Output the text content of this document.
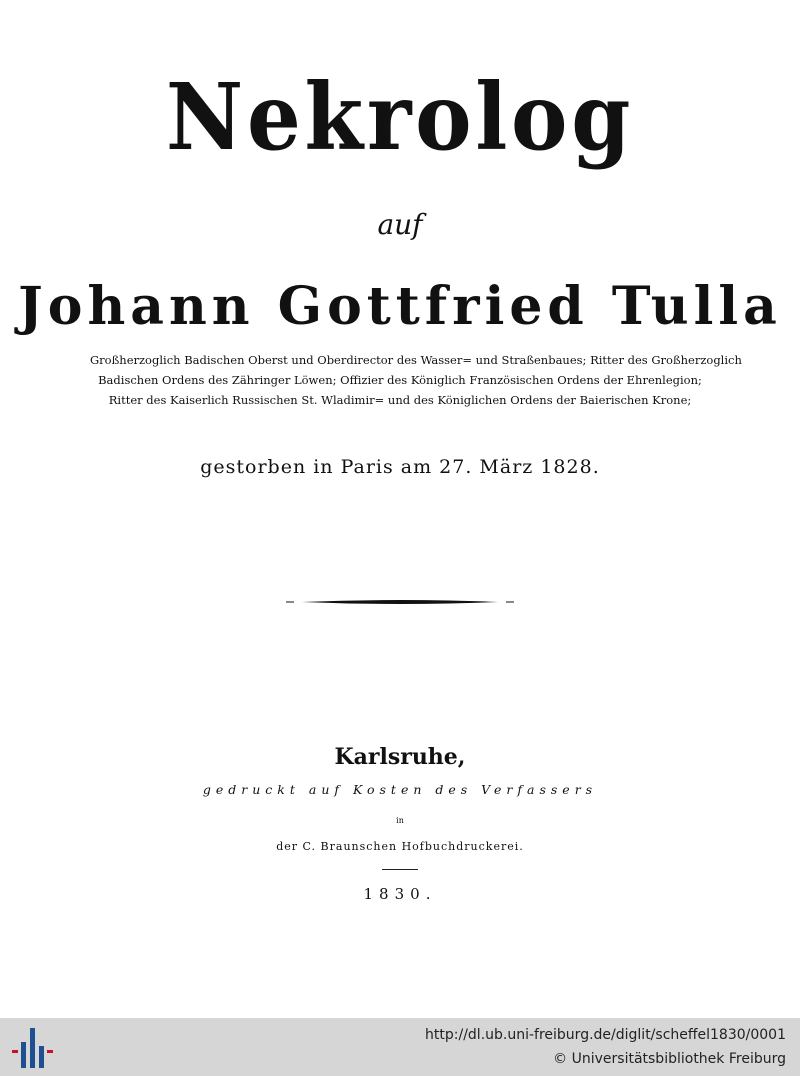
Nekrolog
auf
Johann Gottfried Tulla
Großherzoglich Badischen Oberst und Oberdirector des Wasser= und Straßenbaues; Ritter des Großherzoglich
Badischen Ordens des Zähringer Löwen; Offizier des Königlich Französischen Ordens der Ehrenlegion;
Ritter des Kaiserlich Russischen St. Wladimir= und des Königlichen Ordens der Baierischen Krone;
gestorben in Paris am 27. März 1828.
Karlsruhe,
gedruckt auf Kosten des Verfassers
in
der C. Braunschen Hofbuchdruckerei.
1830.
http://dl.ub.uni-freiburg.de/diglit/scheffel1830/0001
© Universitätsbibliothek Freiburg
